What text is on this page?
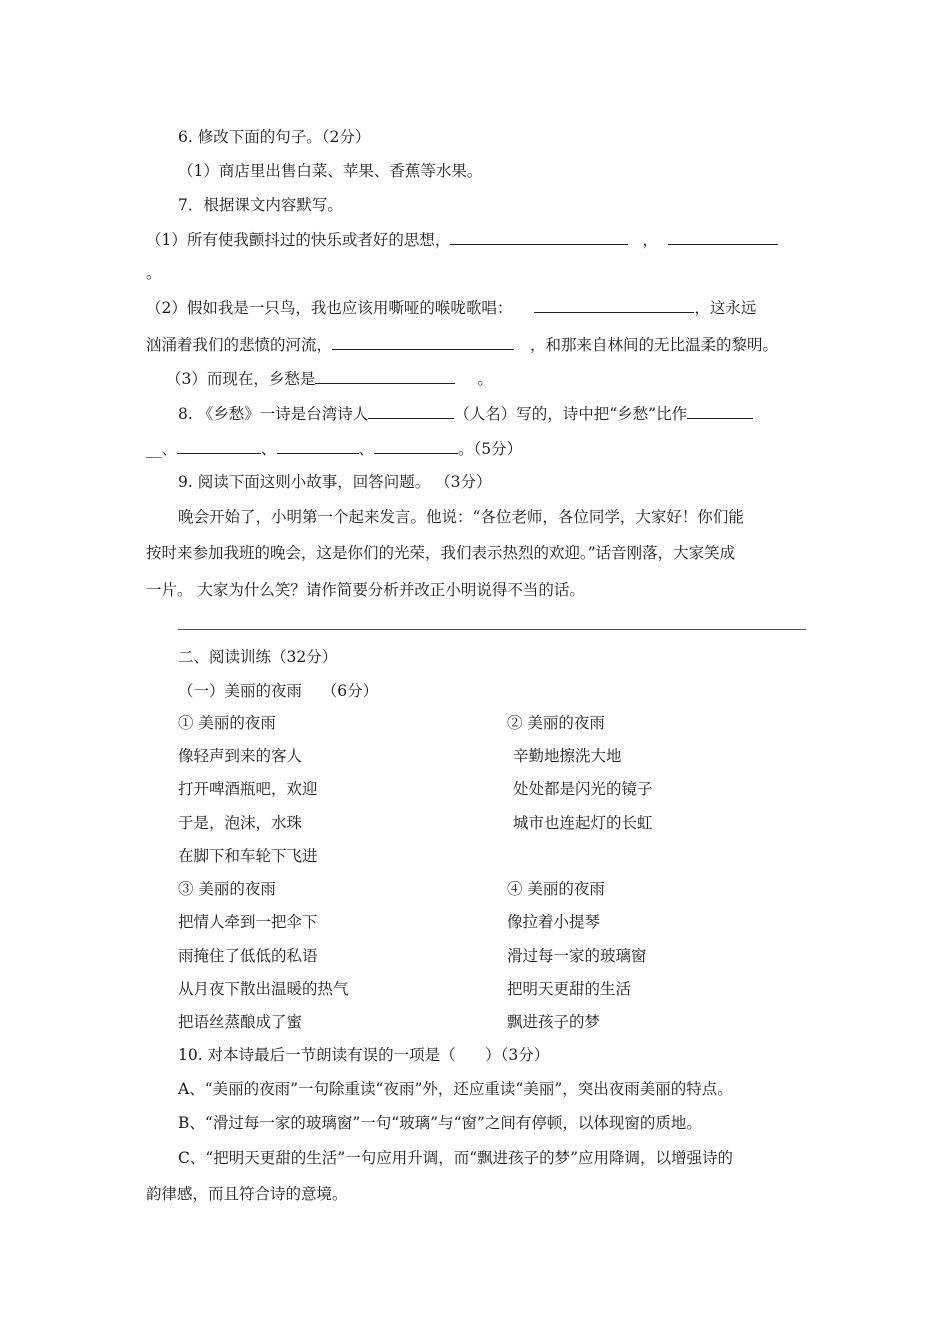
6. 修改下面的句子。（2分）
（1）商店里出售白菜、苹果、香蕉等水果。
7．根据课文内容默写。
（1）所有使我颤抖过的快乐或者好的思想，	，
。
（2）假如我是一只鸟，我也应该用嘶哑的喉咙歌唱：	，这永远
汹涌着我们的悲愤的河流，	，和那来自林间的无比温柔的黎明。
（3）而现在，乡愁是	。
8. 《乡愁》一诗是台湾诗人	（人名）写的，诗中把“乡愁”比作
__、	、	、	。（5分）
9. 阅读下面这则小故事，回答问题。 （3分）
晚会开始了，小明第一个起来发言。他说：“各位老师，各位同学，大家好！你们能
按时来参加我班的晚会，这是你们的光荣，我们表示热烈的欢迎。”话音刚落，大家笑成
一片。 大家为什么笑？请作简要分析并改正小明说得不当的话。
二、阅读训练（32分）
（一）美丽的夜雨    （6分）
① 美丽的夜雨
像轻声到来的客人
打开啤酒瓶吧，欢迎
于是，泡沫，水珠
在脚下和车轮下飞进
② 美丽的夜雨
辛勤地擦洗大地
处处都是闪光的镜子
城市也连起灯的长虹
③ 美丽的夜雨
把情人牵到一把伞下
雨掩住了低低的私语
从月夜下散出温暖的热气
把语丝蒸酿成了蜜
④ 美丽的夜雨
像拉着小提琴
滑过每一家的玻璃窗
把明天更甜的生活
飘进孩子的梦
10. 对本诗最后一节朗读有误的一项是（      ）（3分）
A、“美丽的夜雨”一句除重读“夜雨”外，还应重读“美丽”，突出夜雨美丽的特点。
B、“滑过每一家的玻璃窗”一句“玻璃”与“窗”之间有停顿，以体现窗的质地。
C、“把明天更甜的生活”一句应用升调，而“飘进孩子的梦”应用降调，以增强诗的
韵律感，而且符合诗的意境。
